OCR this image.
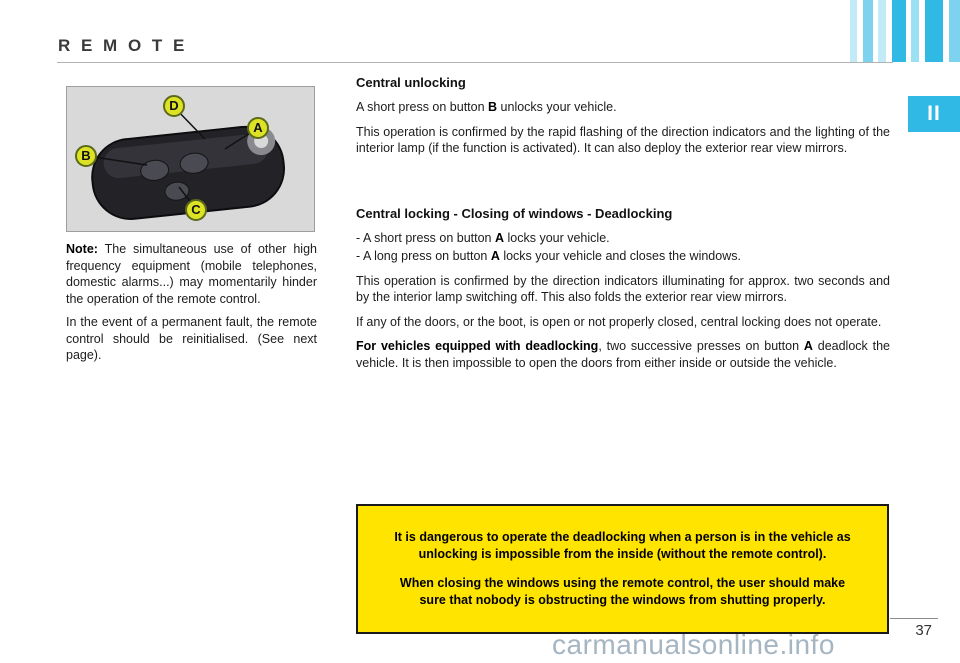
R E M O T E
II
D
A
B
C

Note: The simultaneous use of other high frequency equipment (mobile telephones, domestic alarms...) may momentarily hinder the operation of the remote control.

In the event of a permanent fault, the remote control should be reinitialised. (See next page).

Central unlocking

A short press on button B unlocks your vehicle.

This operation is confirmed by the rapid flashing of the direction indicators and the lighting of the interior lamp (if the function is activated). It can also deploy the exterior rear view mirrors.

Central locking - Closing of windows - Deadlocking

- A short press on button A locks your vehicle.

- A long press on button A locks your vehicle and closes the windows.

This operation is confirmed by the direction indicators illuminating for approx. two seconds and by the interior lamp switching off. This also folds the exterior rear view mirrors.

If any of the doors, or the boot, is open or not properly closed, central locking does not operate.

For vehicles equipped with deadlocking, two successive presses on button A deadlock the vehicle. It is then impossible to open the doors from either inside or outside the vehicle.

It is dangerous to operate the deadlocking when a person is in the vehicle as unlocking is impossible from the inside (without the remote control).

When closing the windows using the remote control, the user should make sure that nobody is obstructing the windows from shutting properly.

37
carmanualsonline.info
